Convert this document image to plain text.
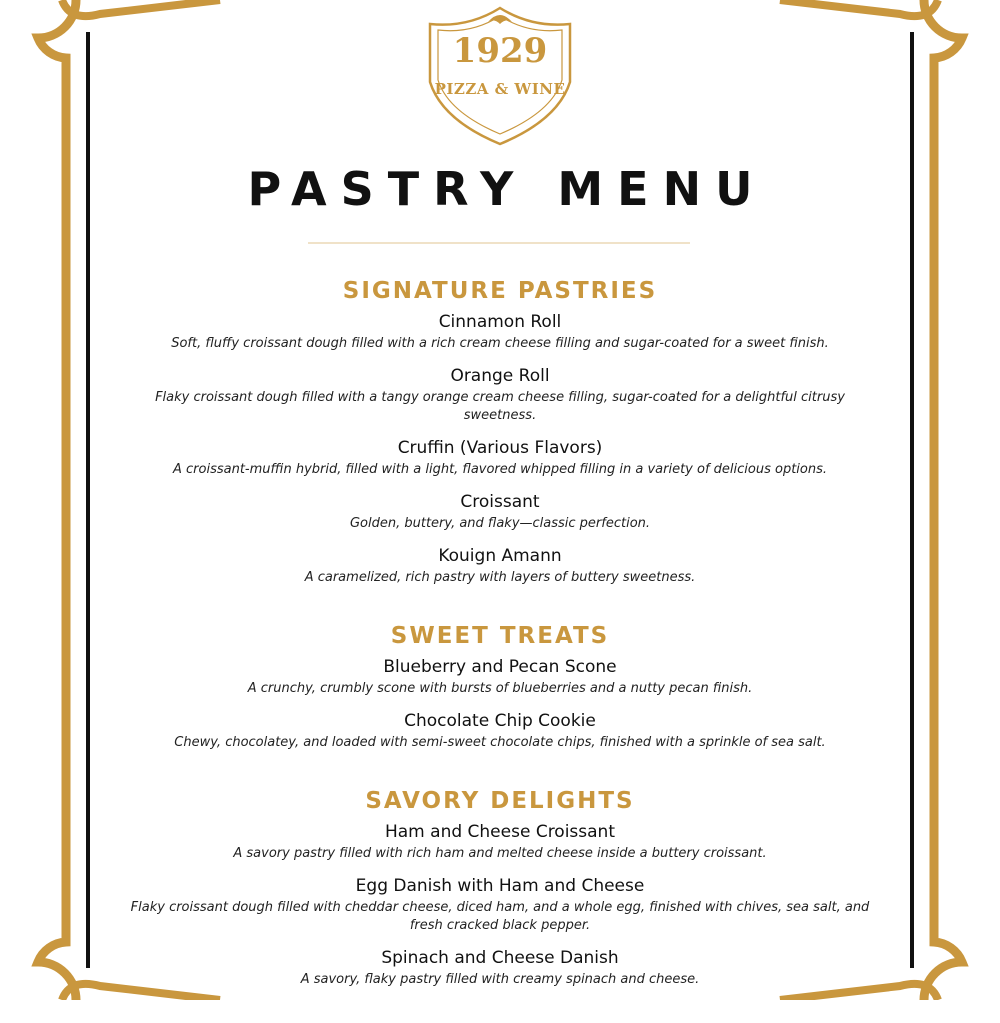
1929
PIZZA & WINE
PASTRY MENU
SIGNATURE PASTRIES

Cinnamon Roll

Soft, fluffy croissant dough filled with a rich cream cheese filling and sugar-coated for a sweet finish.

Orange Roll

Flaky croissant dough filled with a tangy orange cream cheese filling, sugar-coated for a delightful citrusy sweetness.

Cruffin (Various Flavors)

A croissant-muffin hybrid, filled with a light, flavored whipped filling in a variety of delicious options.

Croissant

Golden, buttery, and flaky—classic perfection.

Kouign Amann

A caramelized, rich pastry with layers of buttery sweetness.

SWEET TREATS

Blueberry and Pecan Scone

A crunchy, crumbly scone with bursts of blueberries and a nutty pecan finish.

Chocolate Chip Cookie

Chewy, chocolatey, and loaded with semi-sweet chocolate chips, finished with a sprinkle of sea salt.

SAVORY DELIGHTS

Ham and Cheese Croissant

A savory pastry filled with rich ham and melted cheese inside a buttery croissant.

Egg Danish with Ham and Cheese

Flaky croissant dough filled with cheddar cheese, diced ham, and a whole egg, finished with chives, sea salt, and fresh cracked black pepper.

Spinach and Cheese Danish

A savory, flaky pastry filled with creamy spinach and cheese.
